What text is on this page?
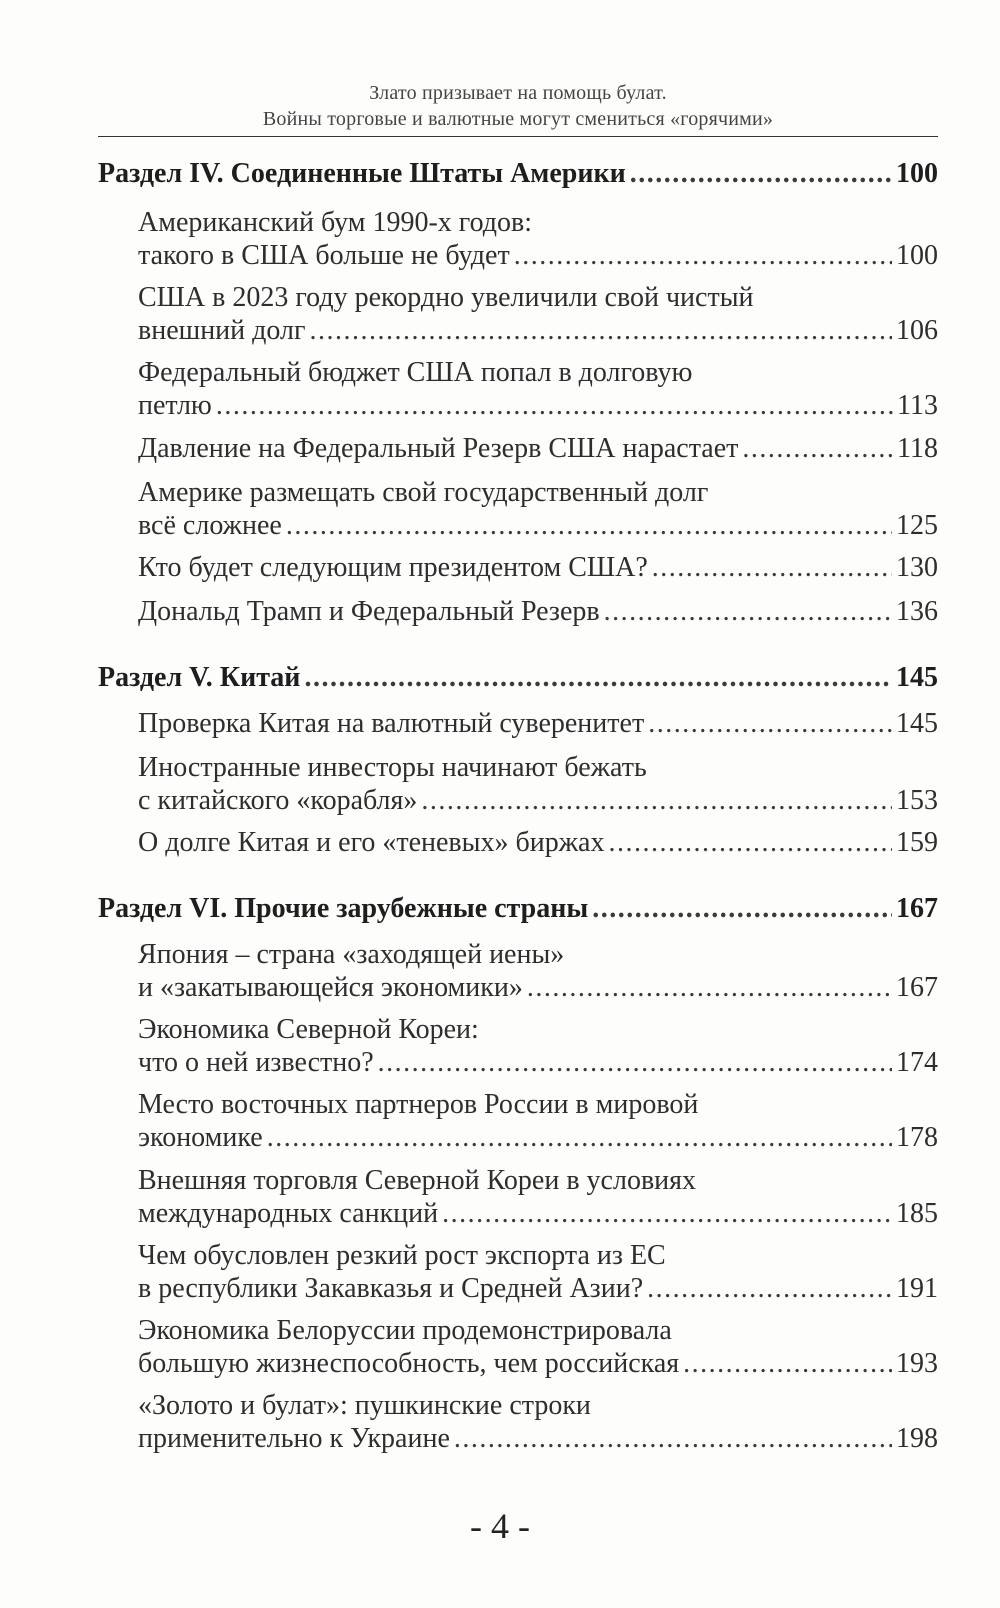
Злато призывает на помощь булат.
Войны торговые и валютные могут смениться «горячими»
Раздел IV. Соединенные Штаты Америки .....	100
Американский бум 1990-х годов:
такого в США больше не будет .....	100
США в 2023 году рекордно увеличили свой чистый
внешний долг .....	106
Федеральный бюджет США попал в долговую
петлю .....	113
Давление на Федеральный Резерв США нарастает .....	118
Америке размещать свой государственный долг
всё сложнее .....	125
Кто будет следующим президентом США? .....	130
Дональд Трамп и Федеральный Резерв .....	136
Раздел V. Китай .....	145
Проверка Китая на валютный суверенитет .....	145
Иностранные инвесторы начинают бежать
с китайского «корабля» .....	153
О долге Китая и его «теневых» биржах .....	159
Раздел VI. Прочие зарубежные страны .....	167
Япония – страна «заходящей иены»
и «закатывающейся экономики» .....	167
Экономика Северной Кореи:
что о ней известно? .....	174
Место восточных партнеров России в мировой
экономике .....	178
Внешняя торговля Северной Кореи в условиях
международных санкций .....	185
Чем обусловлен резкий рост экспорта из ЕС
в республики Закавказья и Средней Азии? .....	191
Экономика Белоруссии продемонстрировала
большую жизнеспособность, чем российская .....	193
«Золото и булат»: пушкинские строки
применительно к Украине .....	198
- 4 -
